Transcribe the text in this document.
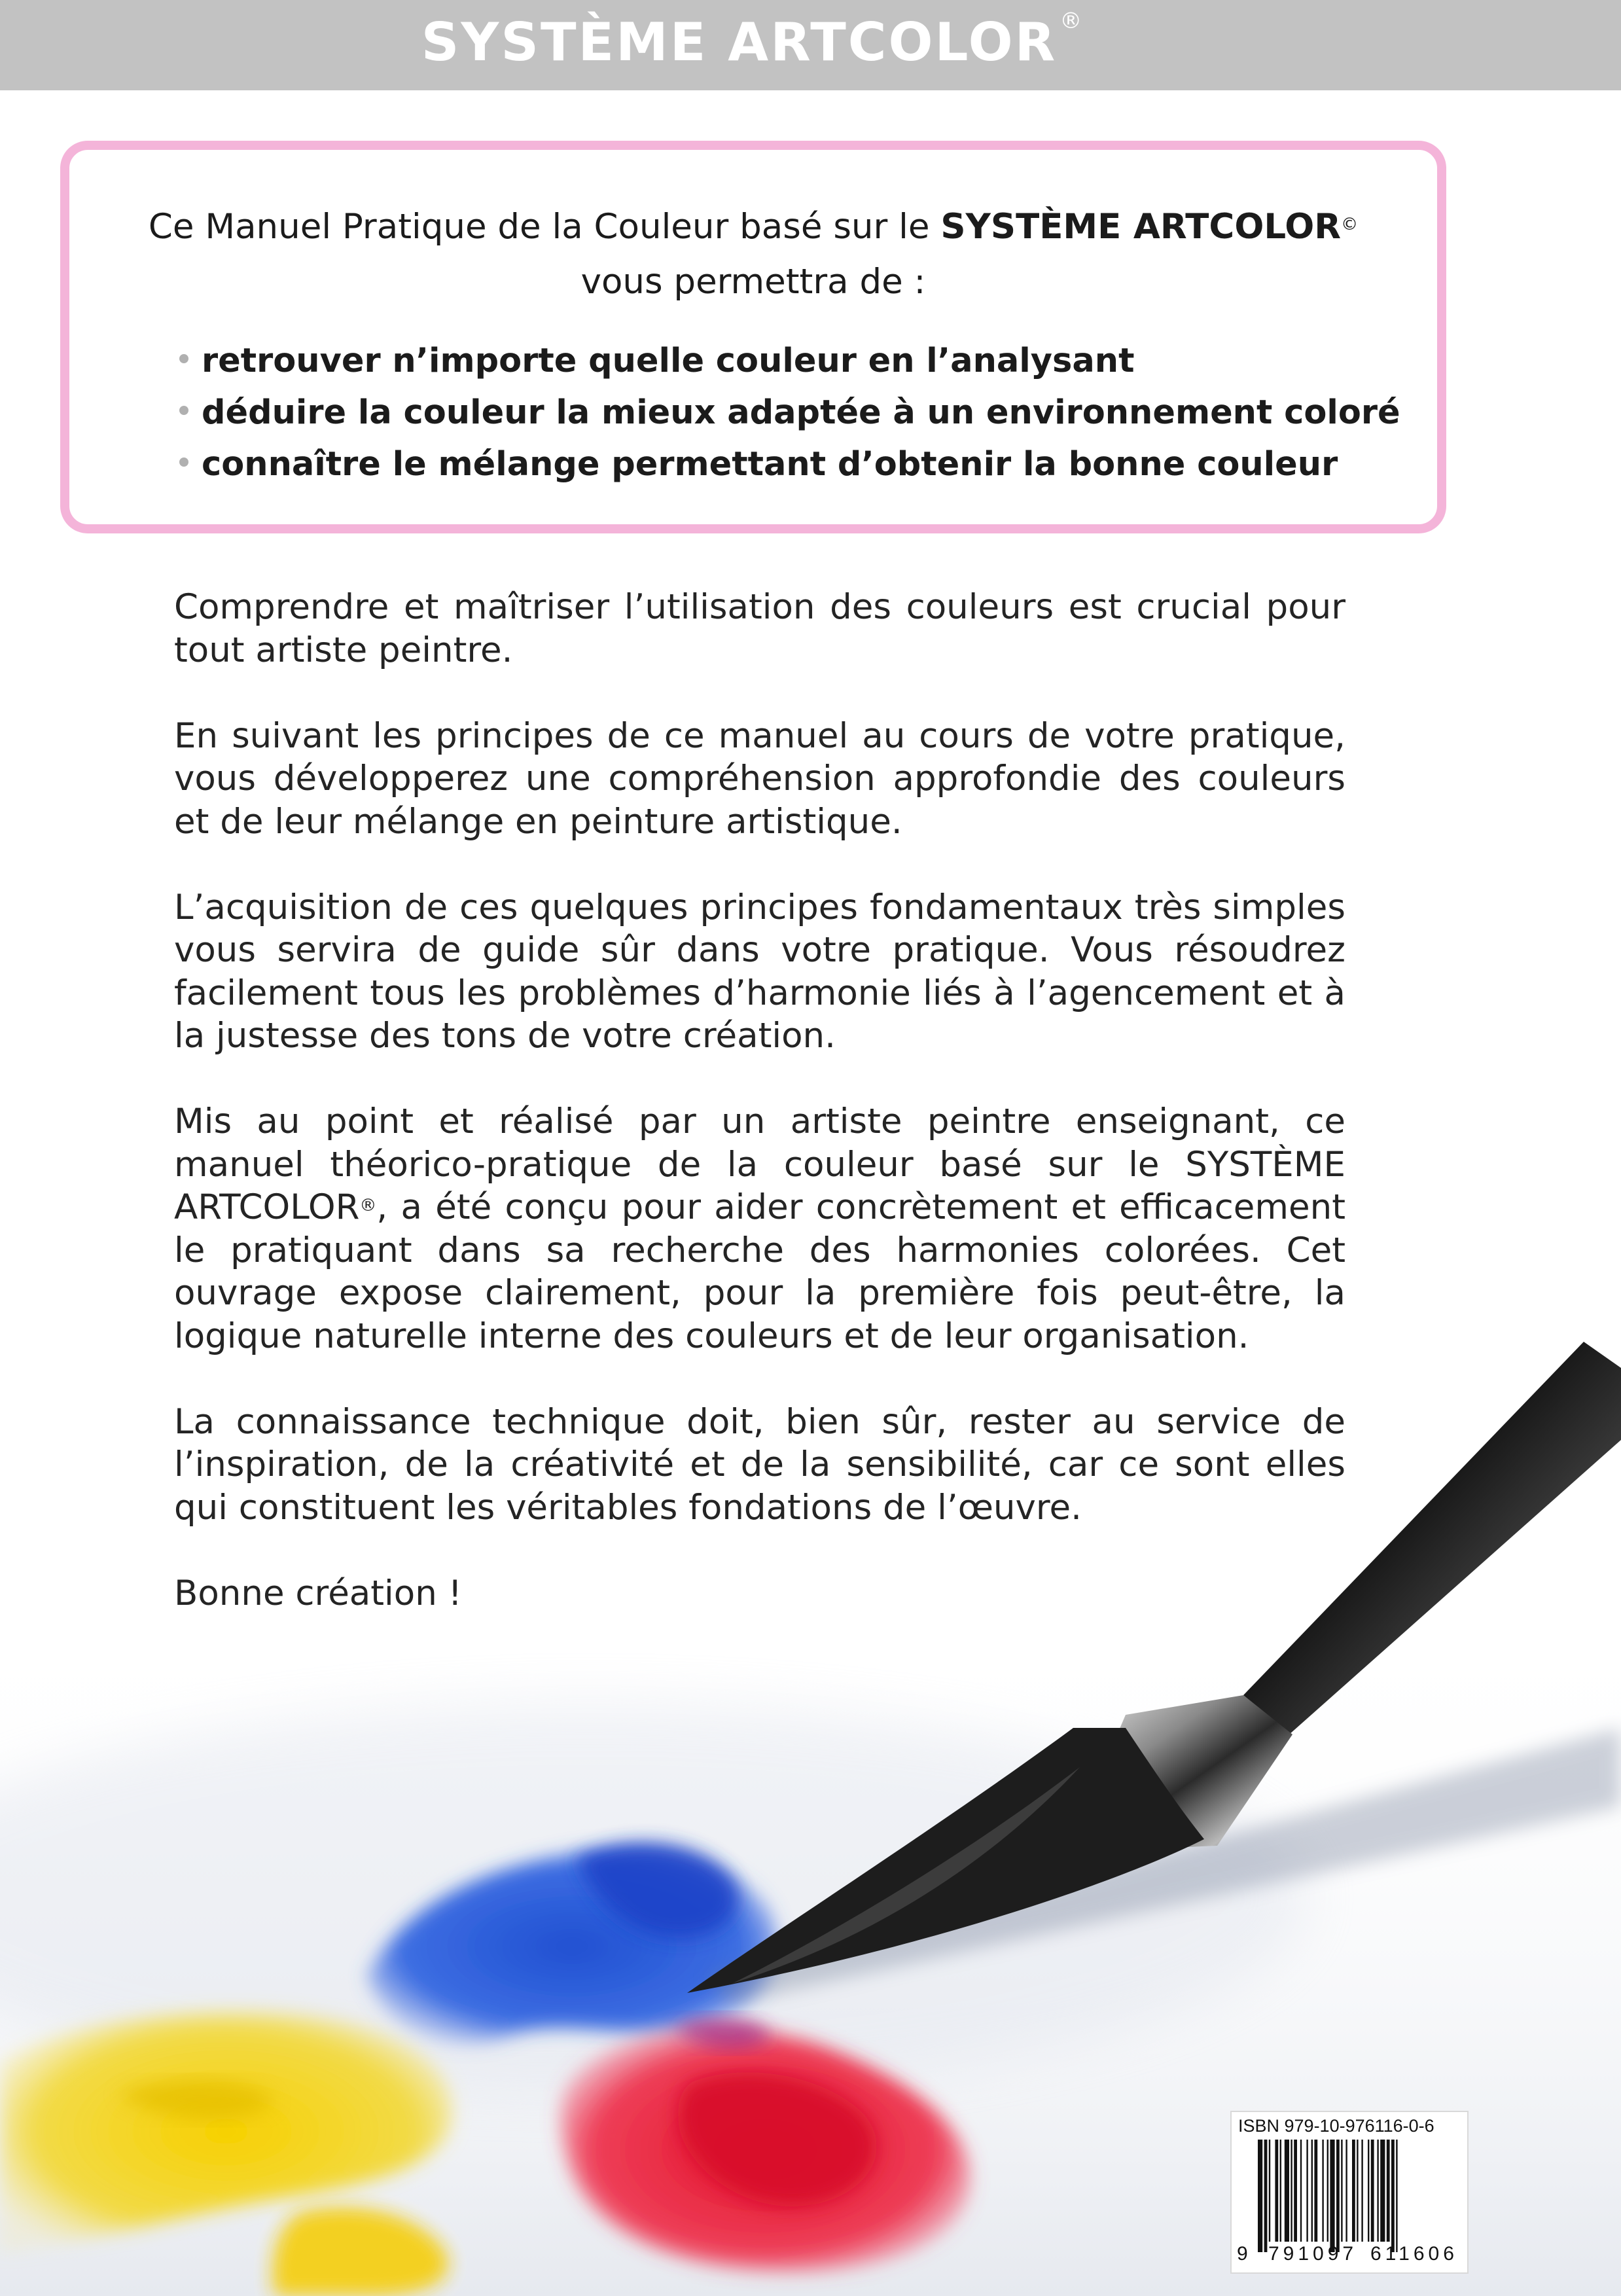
SYSTÈME ARTCOLOR ®
Ce Manuel Pratique de la Couleur basé sur le SYSTÈME ARTCOLOR©
vous permettra de :
retrouver n’importe quelle couleur en l’analysant
déduire la couleur la mieux adaptée à un environnement coloré
connaître le mélange permettant d’obtenir la bonne couleur

Comprendre et maîtriser l’utilisation des couleurs est crucial pour tout artiste peintre.

En suivant les principes de ce manuel au cours de votre pratique, vous développerez une compréhension approfondie des couleurs et de leur mélange en peinture artistique.

L’acquisition de ces quelques principes fondamentaux très simples vous servira de guide sûr dans votre pratique. Vous résoudrez facilement tous les problèmes d’harmonie liés à l’agencement et à la justesse des tons de votre création.

Mis au point et réalisé par un artiste peintre enseignant, ce manuel théorico-pratique de la couleur basé sur le SYSTÈME ARTCOLOR®, a été conçu pour aider concrètement et efficacement le pratiquant dans sa recherche des harmonies colorées. Cet ouvrage expose clairement, pour la première fois peut-être, la logique naturelle interne des couleurs et de leur organisation.

La connaissance technique doit, bien sûr, rester au service de l’inspiration, de la créativité et de la sensibilité, car ce sont elles qui constituent les véritables fondations de l’œuvre.

Bonne création !

ISBN 979-10-976116-0-6
9 791097 611606
